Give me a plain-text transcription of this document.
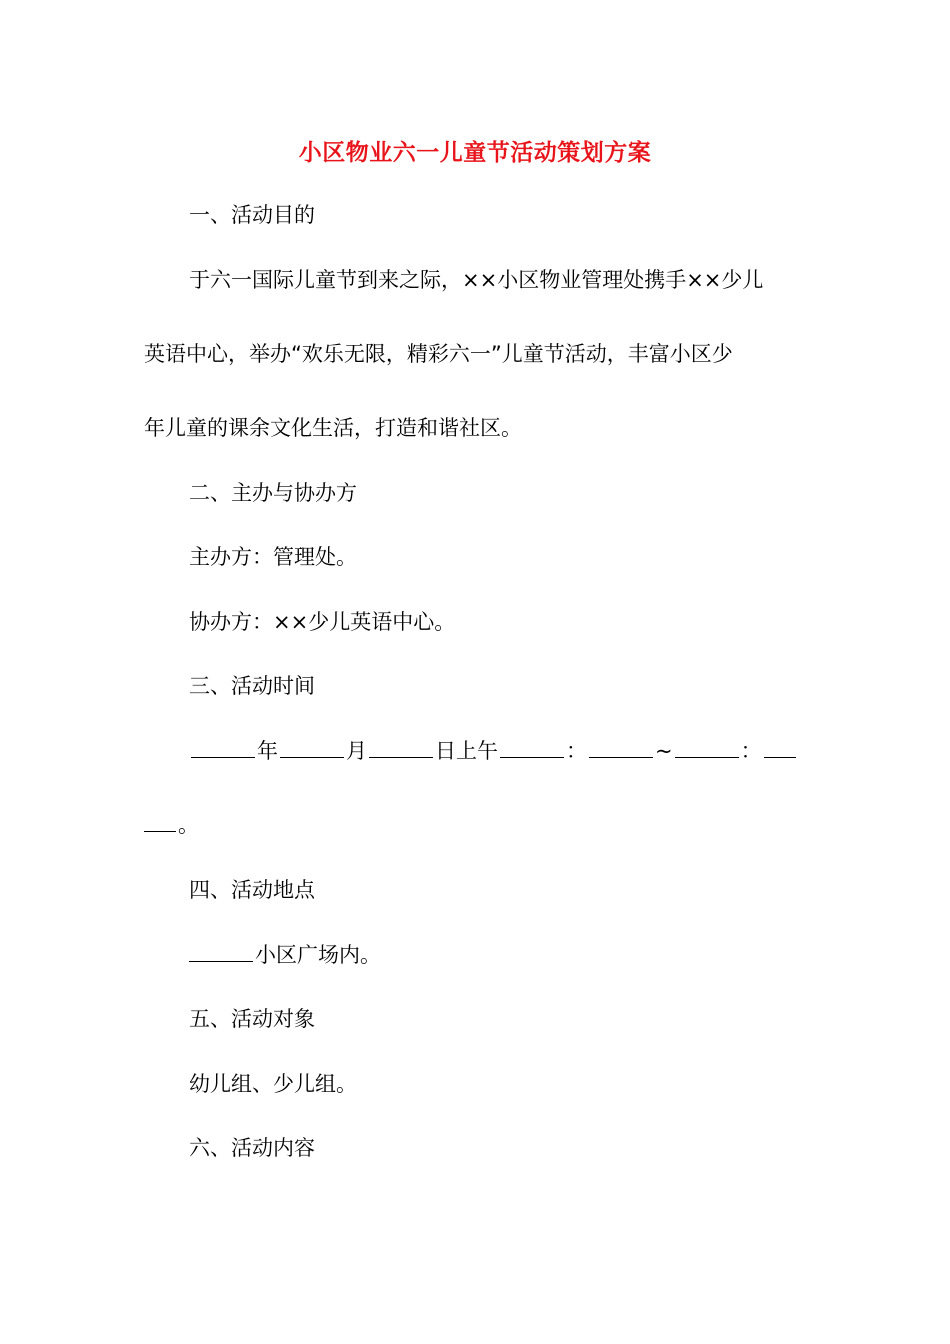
小区物业六一儿童节活动策划方案
一、活动目的
于六一国际儿童节到来之际，××小区物业管理处携手××少儿
英语中心，举办“欢乐无限，精彩六一”儿童节活动，丰富小区少
年儿童的课余文化生活，打造和谐社区。
二、主办与协办方
主办方：管理处。
协办方：××少儿英语中心。
三、活动时间
年	月	日上午	：	~	：
。
四、活动地点
小区广场内。
五、活动对象
幼儿组、少儿组。
六、活动内容
